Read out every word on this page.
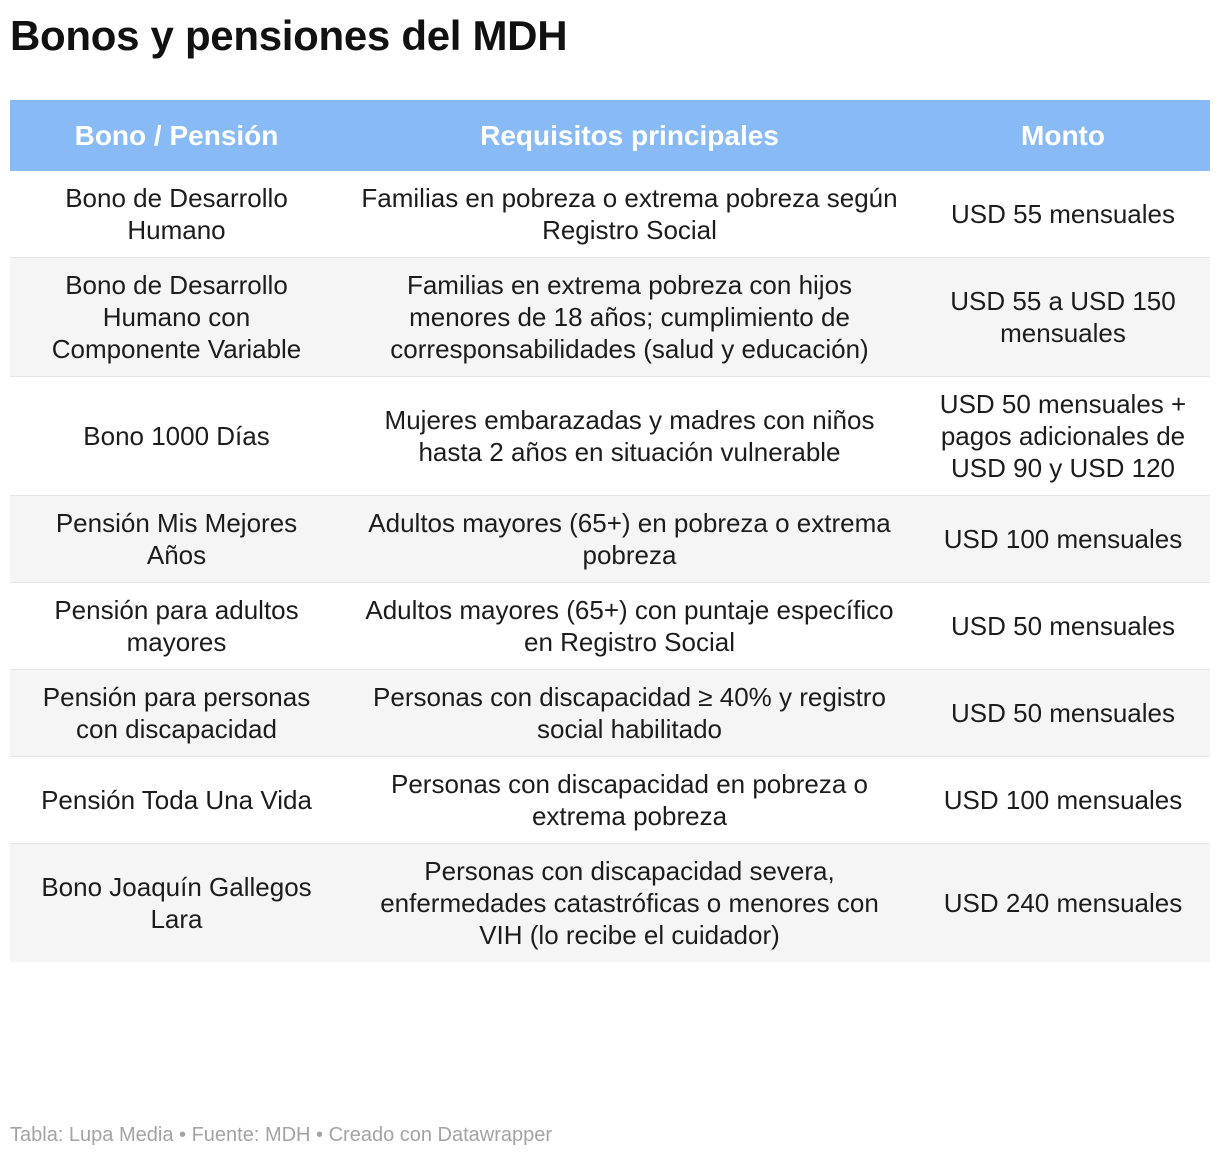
Bonos y pensiones del MDH
Bono / Pensión	Requisitos principales	Monto
Bono de Desarrollo Humano	Familias en pobreza o extrema pobreza según Registro Social	USD 55 mensuales
Bono de Desarrollo Humano con Componente Variable	Familias en extrema pobreza con hijos menores de 18 años; cumplimiento de corresponsabilidades (salud y educación)	USD 55 a USD 150 mensuales
Bono 1000 Días	Mujeres embarazadas y madres con niños hasta 2 años en situación vulnerable	USD 50 mensuales + pagos adicionales de USD 90 y USD 120
Pensión Mis Mejores Años	Adultos mayores (65+) en pobreza o extrema pobreza	USD 100 mensuales
Pensión para adultos mayores	Adultos mayores (65+) con puntaje específico en Registro Social	USD 50 mensuales
Pensión para personas con discapacidad	Personas con discapacidad ≥ 40% y registro social habilitado	USD 50 mensuales
Pensión Toda Una Vida	Personas con discapacidad en pobreza o extrema pobreza	USD 100 mensuales
Bono Joaquín Gallegos Lara	Personas con discapacidad severa, enfermedades catastróficas o menores con VIH (lo recibe el cuidador)	USD 240 mensuales
Tabla: Lupa Media • Fuente: MDH • Creado con Datawrapper
